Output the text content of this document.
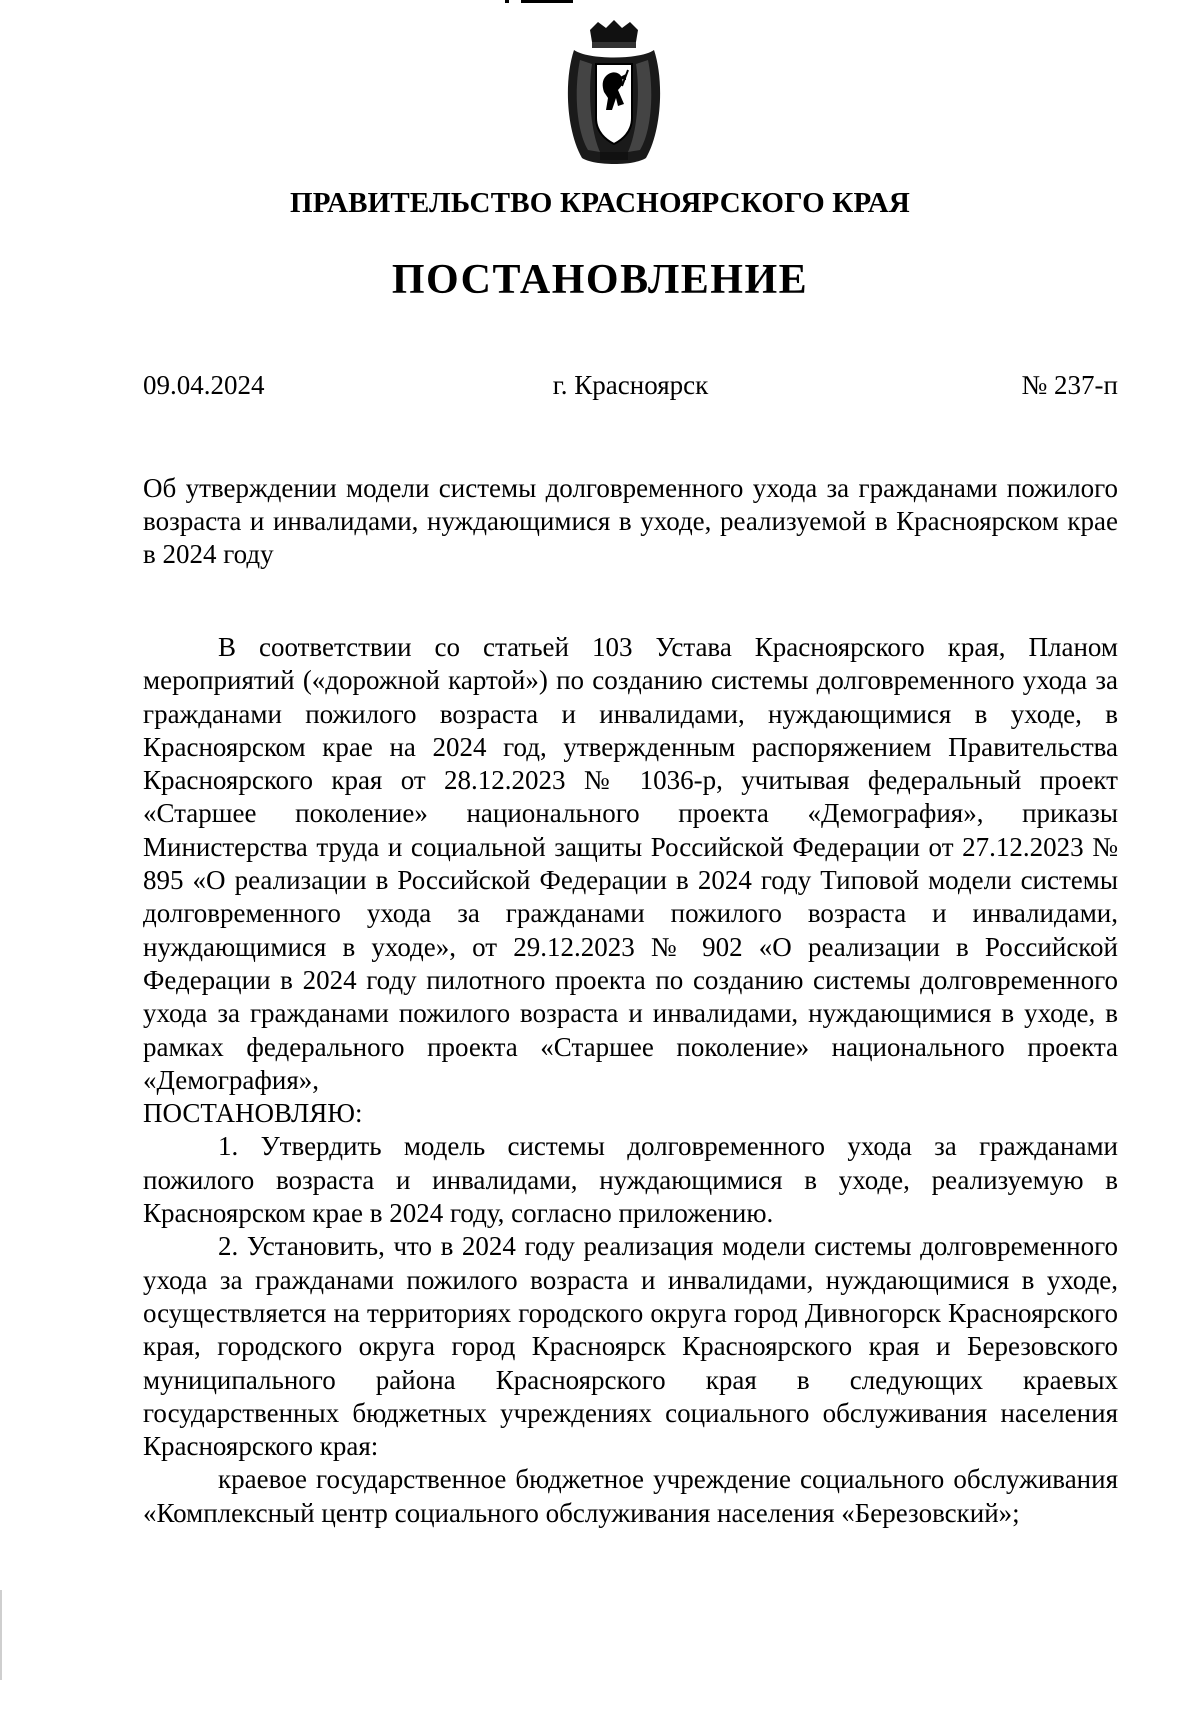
ПРАВИТЕЛЬСТВО КРАСНОЯРСКОГО КРАЯ
ПОСТАНОВЛЕНИЕ
г. Красноярск
09.04.2024	№ 237-п
Об утверждении модели системы долговременного ухода за гражданами пожилого возраста и инвалидами, нуждающимися в уходе, реализуемой в Красноярском крае в 2024 году

В соответствии со статьей 103 Устава Красноярского края, Планом мероприятий («дорожной картой») по созданию системы долговременного ухода за гражданами пожилого возраста и инвалидами, нуждающимися в уходе, в Красноярском крае на 2024 год, утвержденным распоряжением Правительства Красноярского края от 28.12.2023 № 1036-р, учитывая федеральный проект «Старшее поколение» национального проекта «Демография», приказы Министерства труда и социальной защиты Российской Федерации от 27.12.2023 № 895 «О реализации в Российской Федерации в 2024 году Типовой модели системы долговременного ухода за гражданами пожилого возраста и инвалидами, нуждающимися в уходе», от 29.12.2023 № 902 «О реализации в Российской Федерации в 2024 году пилотного проекта по созданию системы долговременного ухода за гражданами пожилого возраста и инвалидами, нуждающимися в уходе, в рамках федерального проекта «Старшее поколение» национального проекта «Демография»,

ПОСТАНОВЛЯЮ:

1. Утвердить модель системы долговременного ухода за гражданами пожилого возраста и инвалидами, нуждающимися в уходе, реализуемую в Красноярском крае в 2024 году, согласно приложению.

2. Установить, что в 2024 году реализация модели системы долговременного ухода за гражданами пожилого возраста и инвалидами, нуждающимися в уходе, осуществляется на территориях городского округа город Дивногорск Красноярского края, городского округа город Красноярск Красноярского края и Березовского муниципального района Красноярского края в следующих краевых государственных бюджетных учреждениях социального обслуживания населения Красноярского края:

краевое государственное бюджетное учреждение социального обслуживания «Комплексный центр социального обслуживания населения «Березовский»;
